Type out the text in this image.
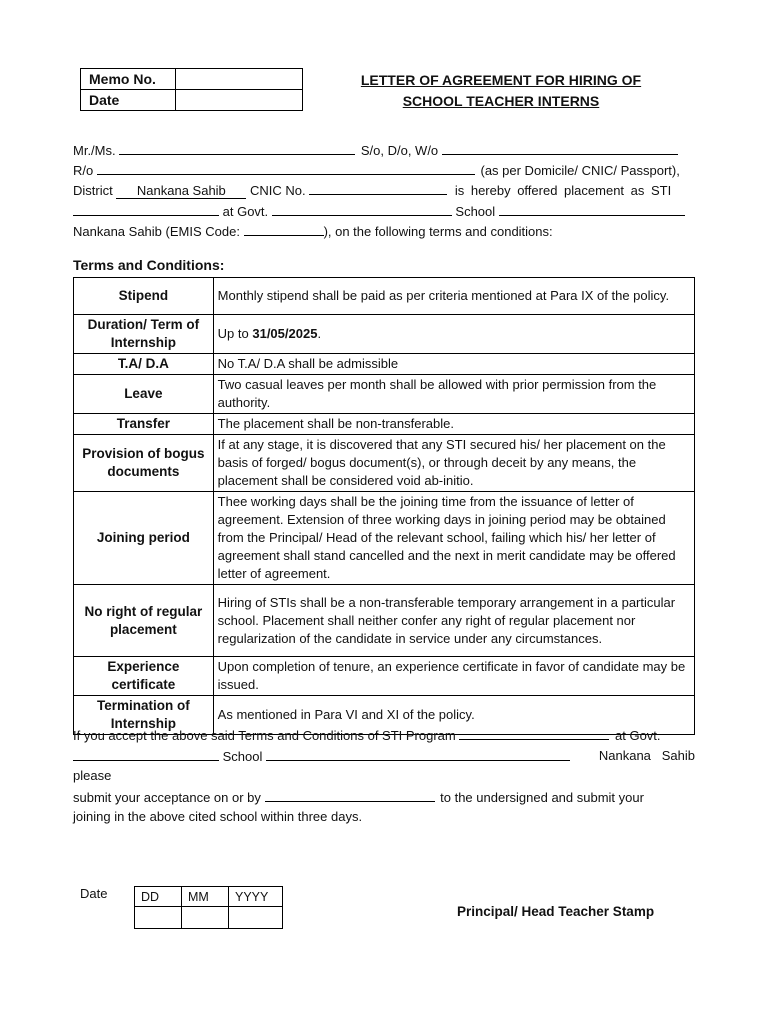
Memo No.	
Date	
LETTER OF AGREEMENT FOR HIRING OF
SCHOOL TEACHER INTERNS
Mr./Ms.	S/o, D/o, W/o
R/o	(as per Domicile/ CNIC/ Passport),
District Nankana Sahib CNIC No.	is hereby offered placement as STI
at Govt.	School
Nankana Sahib (EMIS Code:	), on the following terms and conditions:
Terms and Conditions:
Stipend	Monthly stipend shall be paid as per criteria mentioned at Para IX of the policy.
Duration/ Term of Internship	Up to 31/05/2025.
T.A/ D.A	No T.A/ D.A shall be admissible
Leave	Two casual leaves per month shall be allowed with prior permission from the authority.
Transfer	The placement shall be non-transferable.
Provision of bogus documents	If at any stage, it is discovered that any STI secured his/ her placement on the basis of forged/ bogus document(s), or through deceit by any means, the placement shall be considered void ab-initio.
Joining period	Thee working days shall be the joining time from the issuance of letter of agreement. Extension of three working days in joining period may be obtained from the Principal/ Head of the relevant school, failing which his/ her letter of agreement shall stand cancelled and the next in merit candidate may be offered letter of agreement.
No right of regular placement	Hiring of STIs shall be a non-transferable temporary arrangement in a particular school. Placement shall neither confer any right of regular placement nor regularization of the candidate in service under any circumstances.
Experience certificate	Upon completion of tenure, an experience certificate in favor of candidate may be issued.
Termination of Internship	As mentioned in Para VI and XI of the policy.
If you accept the above said Terms and Conditions of STI Program	at Govt.
School	Nankana   Sahib
please
submit your acceptance on or by	to the undersigned and submit your
joining in the above cited school within three days.
Date	DD	MM	YYYY

Principal/ Head Teacher Stamp
